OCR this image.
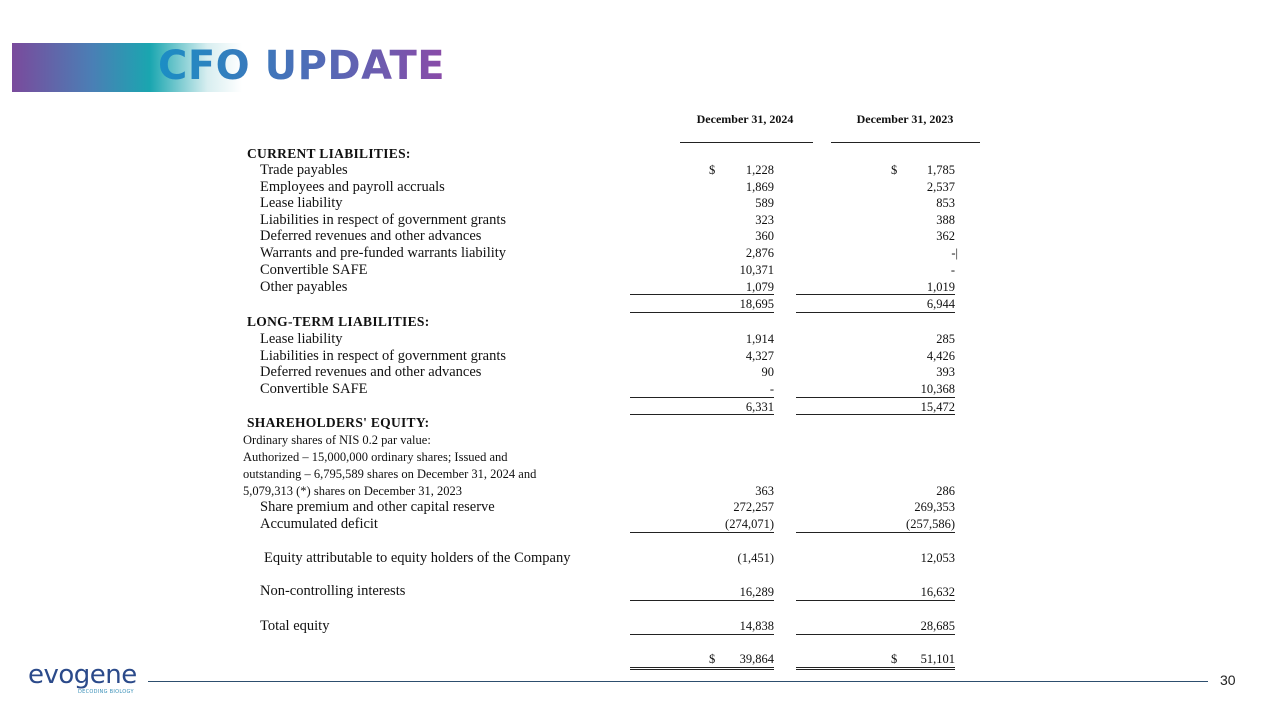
CFO UPDATE
December 31, 2024	December 31, 2023
CURRENT LIABILITIES:
Trade payables	$	1,228	$	1,785
Employees and payroll accruals	1,869	2,537
Lease liability	589	853
Liabilities in respect of government grants	323	388
Deferred revenues and other advances	360	362
Warrants and pre-funded warrants liability	2,876	-|
Convertible SAFE	10,371	-
Other payables	1,079	1,019
18,695	6,944
LONG-TERM LIABILITIES:
Lease liability	1,914	285
Liabilities in respect of government grants	4,327	4,426
Deferred revenues and other advances	90	393
Convertible SAFE	-	10,368
6,331	15,472
SHAREHOLDERS' EQUITY:
Ordinary shares of NIS 0.2 par value:
Authorized – 15,000,000 ordinary shares; Issued and
outstanding – 6,795,589 shares on December 31, 2024 and
5,079,313 (*) shares on December 31, 2023	363	286
Share premium and other capital reserve	272,257	269,353
Accumulated deficit	(274,071)	(257,586)
Equity attributable to equity holders of the Company	(1,451)	12,053
Non-controlling interests	16,289	16,632
Total equity	14,838	28,685
$	39,864	$	51,101
evogene
DECODING BIOLOGY
30
